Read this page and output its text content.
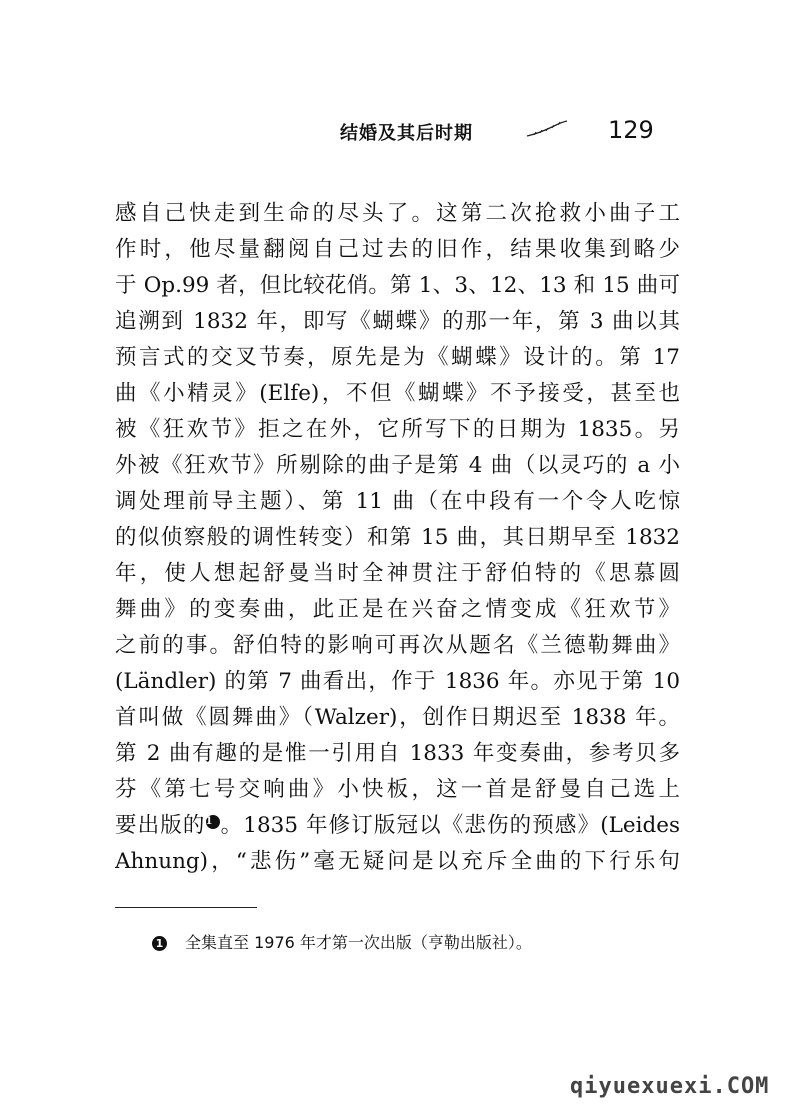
结婚及其后时期	129
感自己快走到生命的尽头了。这第二次抢救小曲子工
作时，他尽量翻阅自己过去的旧作，结果收集到略少
于 Op.99 者，但比较花俏。第 1、3、12、13 和 15 曲可
追溯到 1832 年，即写《蝴蝶》的那一年，第 3 曲以其
预言式的交叉节奏，原先是为《蝴蝶》设计的。第 17
曲《小精灵》(Elfe)，不但《蝴蝶》不予接受，甚至也
被《狂欢节》拒之在外，它所写下的日期为 1835。另
外被《狂欢节》所剔除的曲子是第 4 曲（以灵巧的 a 小
调处理前导主题）、第 11 曲（在中段有一个令人吃惊
的似侦察般的调性转变）和第 15 曲，其日期早至 1832
年，使人想起舒曼当时全神贯注于舒伯特的《思慕圆
舞曲》的变奏曲，此正是在兴奋之情变成《狂欢节》
之前的事。舒伯特的影响可再次从题名《兰德勒舞曲》
(Ländler) 的第 7 曲看出，作于 1836 年。亦见于第 10
首叫做《圆舞曲》（Walzer)，创作日期迟至 1838 年。
第 2 曲有趣的是惟一引用自 1833 年变奏曲，参考贝多
芬《第七号交响曲》小快板，这一首是舒曼自己选上
要出版的1 。1835 年修订版冠以《悲伤的预感》(Leides
Ahnung)，“悲伤”毫无疑问是以充斥全曲的下行乐句
1 全集直至 1976 年才第一次出版（亨勒出版社）。
qiyuexuexi.COM
